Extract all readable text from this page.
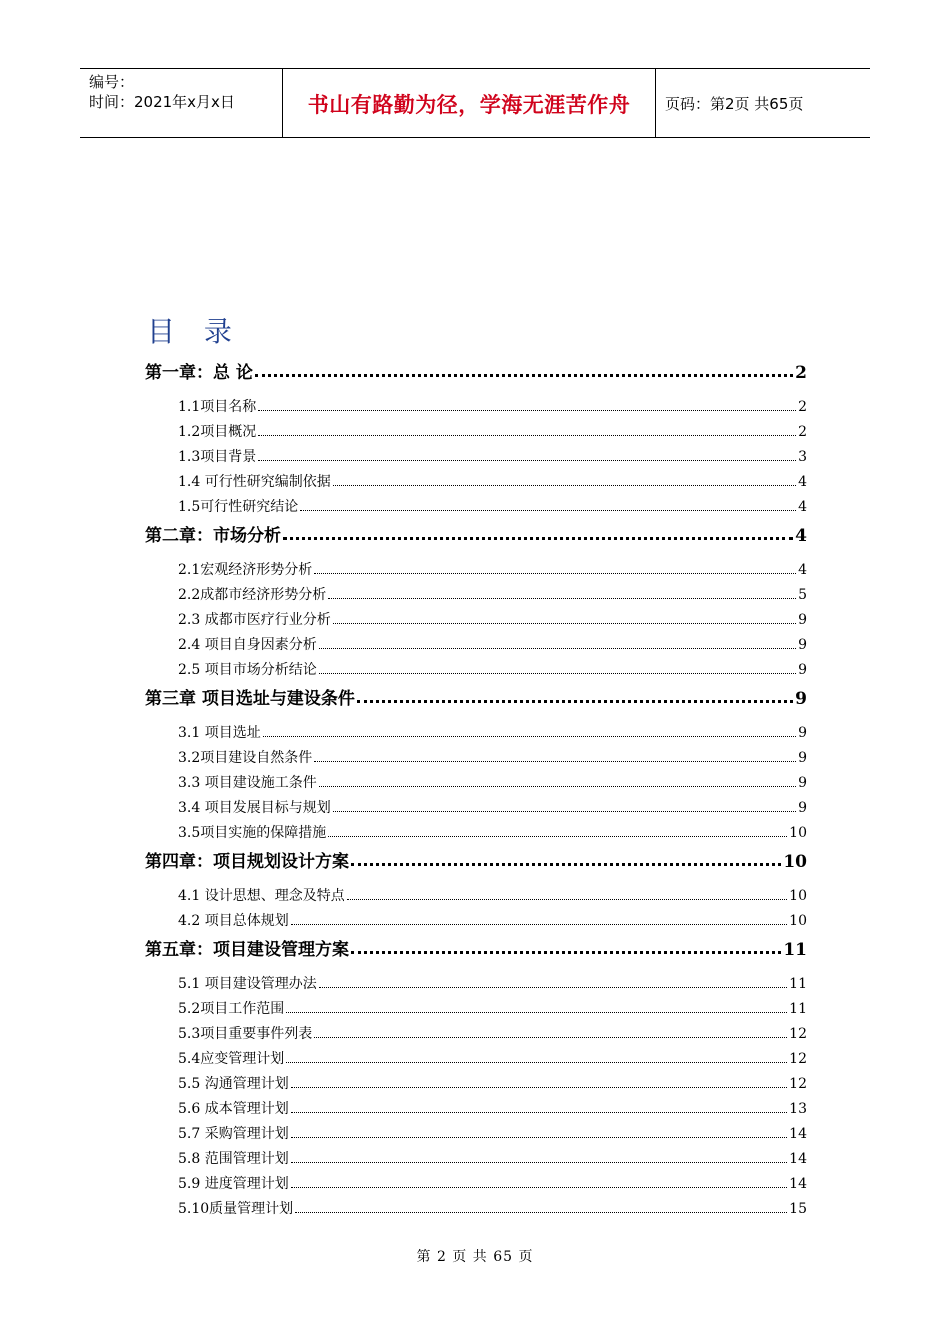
编号：
时间：2021年x月x日	书山有路勤为径，学海无涯苦作舟	页码：第2页 共65页
目 录
第一章：总 论	2
1.1项目名称	2
1.2项目概况	2
1.3项目背景	3
1.4 可行性研究编制依据	4
1.5可行性研究结论	4
第二章：市场分析	4
2.1宏观经济形势分析	4
2.2成都市经济形势分析	5
2.3 成都市医疗行业分析	9
2.4 项目自身因素分析	9
2.5 项目市场分析结论	9
第三章 项目选址与建设条件	9
3.1 项目选址	9
3.2项目建设自然条件	9
3.3 项目建设施工条件	9
3.4 项目发展目标与规划	9
3.5项目实施的保障措施	10
第四章：项目规划设计方案	10
4.1 设计思想、理念及特点	10
4.2 项目总体规划	10
第五章：项目建设管理方案	11
5.1 项目建设管理办法	11
5.2项目工作范围	11
5.3项目重要事件列表	12
5.4应变管理计划	12
5.5 沟通管理计划	12
5.6 成本管理计划	13
5.7 采购管理计划	14
5.8 范围管理计划	14
5.9 进度管理计划	14
5.10质量管理计划	15
第 2 页 共 65 页
